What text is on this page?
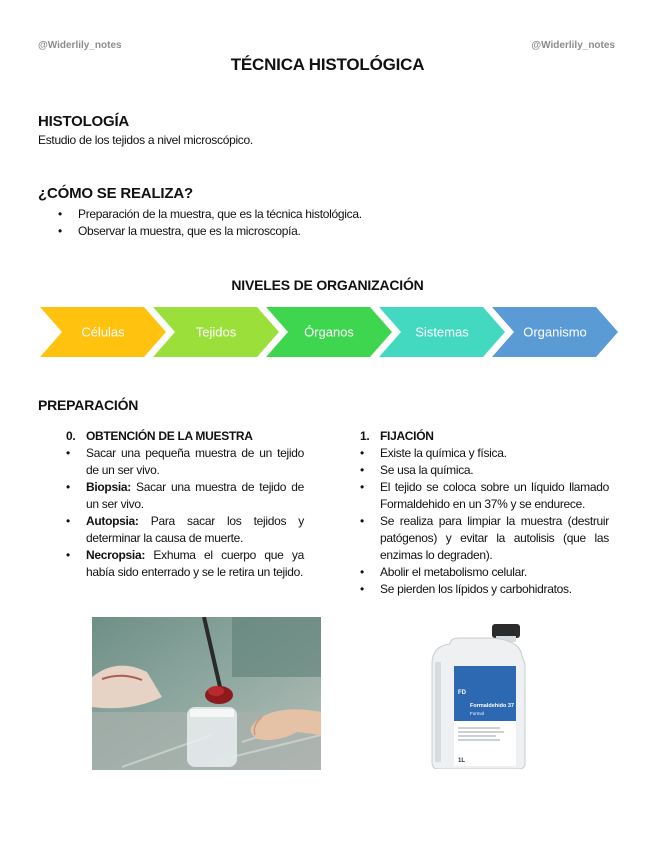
@Widerlily_notes	@Widerlily_notes
TÉCNICA HISTOLÓGICA
HISTOLOGÍA
Estudio de los tejidos a nivel microscópico.
¿CÓMO SE REALIZA?
• Preparación de la muestra, que es la técnica histológica.
• Observar la muestra, que es la microscopía.
NIVELES DE ORGANIZACIÓN
Células	Tejidos	Órganos	Sistemas	Organismo
PREPARACIÓN
0. OBTENCIÓN DE LA MUESTRA
• Sacar una pequeña muestra de un tejido de un ser vivo.
• Biopsia: Sacar una muestra de tejido de un ser vivo.
• Autopsia: Para sacar los tejidos y determinar la causa de muerte.
• Necropsia: Exhuma el cuerpo que ya había sido enterrado y se le retira un tejido.
1. FIJACIÓN
• Existe la química y física.
• Se usa la química.
• El tejido se coloca sobre un líquido llamado Formaldehido en un 37% y se endurece.
• Se realiza para limpiar la muestra (destruir patógenos) y evitar la autolisis (que las enzimas lo degraden).
• Abolir el metabolismo celular.
• Se pierden los lípidos y carbohidratos.
FD
Formaldehido 37
Formol
1L
